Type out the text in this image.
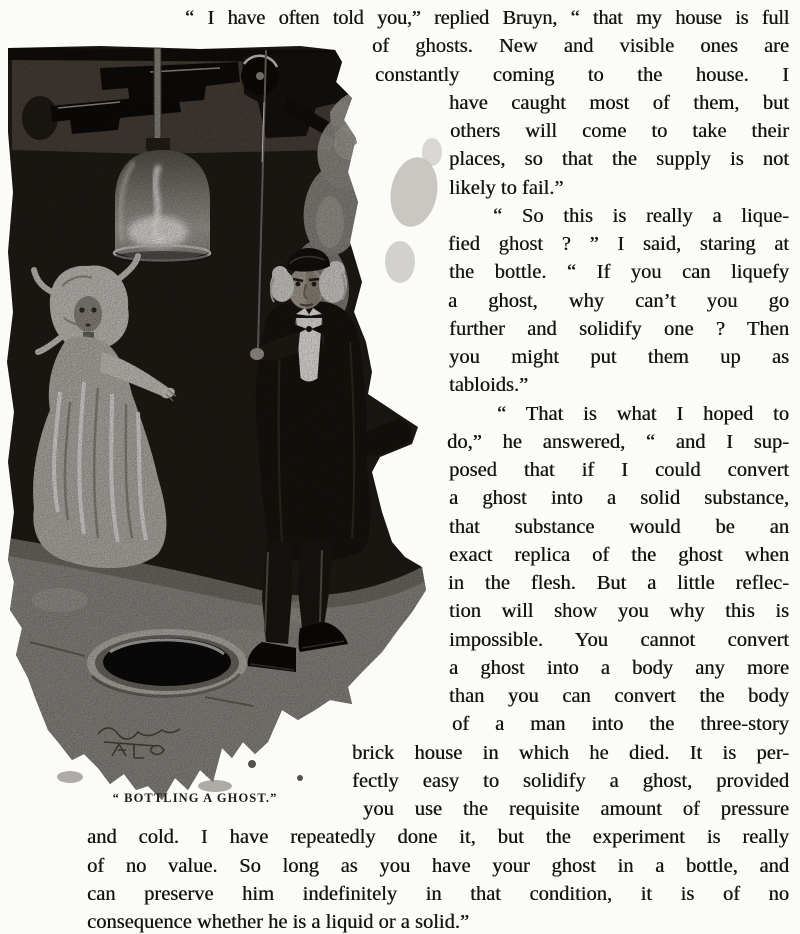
“ BOTTLING A GHOST.”
“ I have often told you,” replied Bruyn, “ that my house is full
of ghosts. New and visible ones are
constantly coming to the house. I
have caught most of them, but
others will come to take their
places, so that the supply is not
likely to fail.”
“ So this is really a lique-
fied ghost ? ” I said, staring at
the bottle. “ If you can liquefy
a ghost, why can’t you go
further and solidify one ? Then
you might put them up as
tabloids.”
“ That is what I hoped to
do,” he answered, “ and I sup-
posed that if I could convert
a ghost into a solid substance,
that substance would be an
exact replica of the ghost when
in the flesh. But a little reflec-
tion will show you why this is
impossible. You cannot convert
a ghost into a body any more
than you can convert the body
of a man into the three-story
brick house in which he died. It is per-
fectly easy to solidify a ghost, provided
you use the requisite amount of pressure
and cold. I have repeatedly done it, but the experiment is really
of no value. So long as you have your ghost in a bottle, and
can preserve him indefinitely in that condition, it is of no
consequence whether he is a liquid or a solid.”
